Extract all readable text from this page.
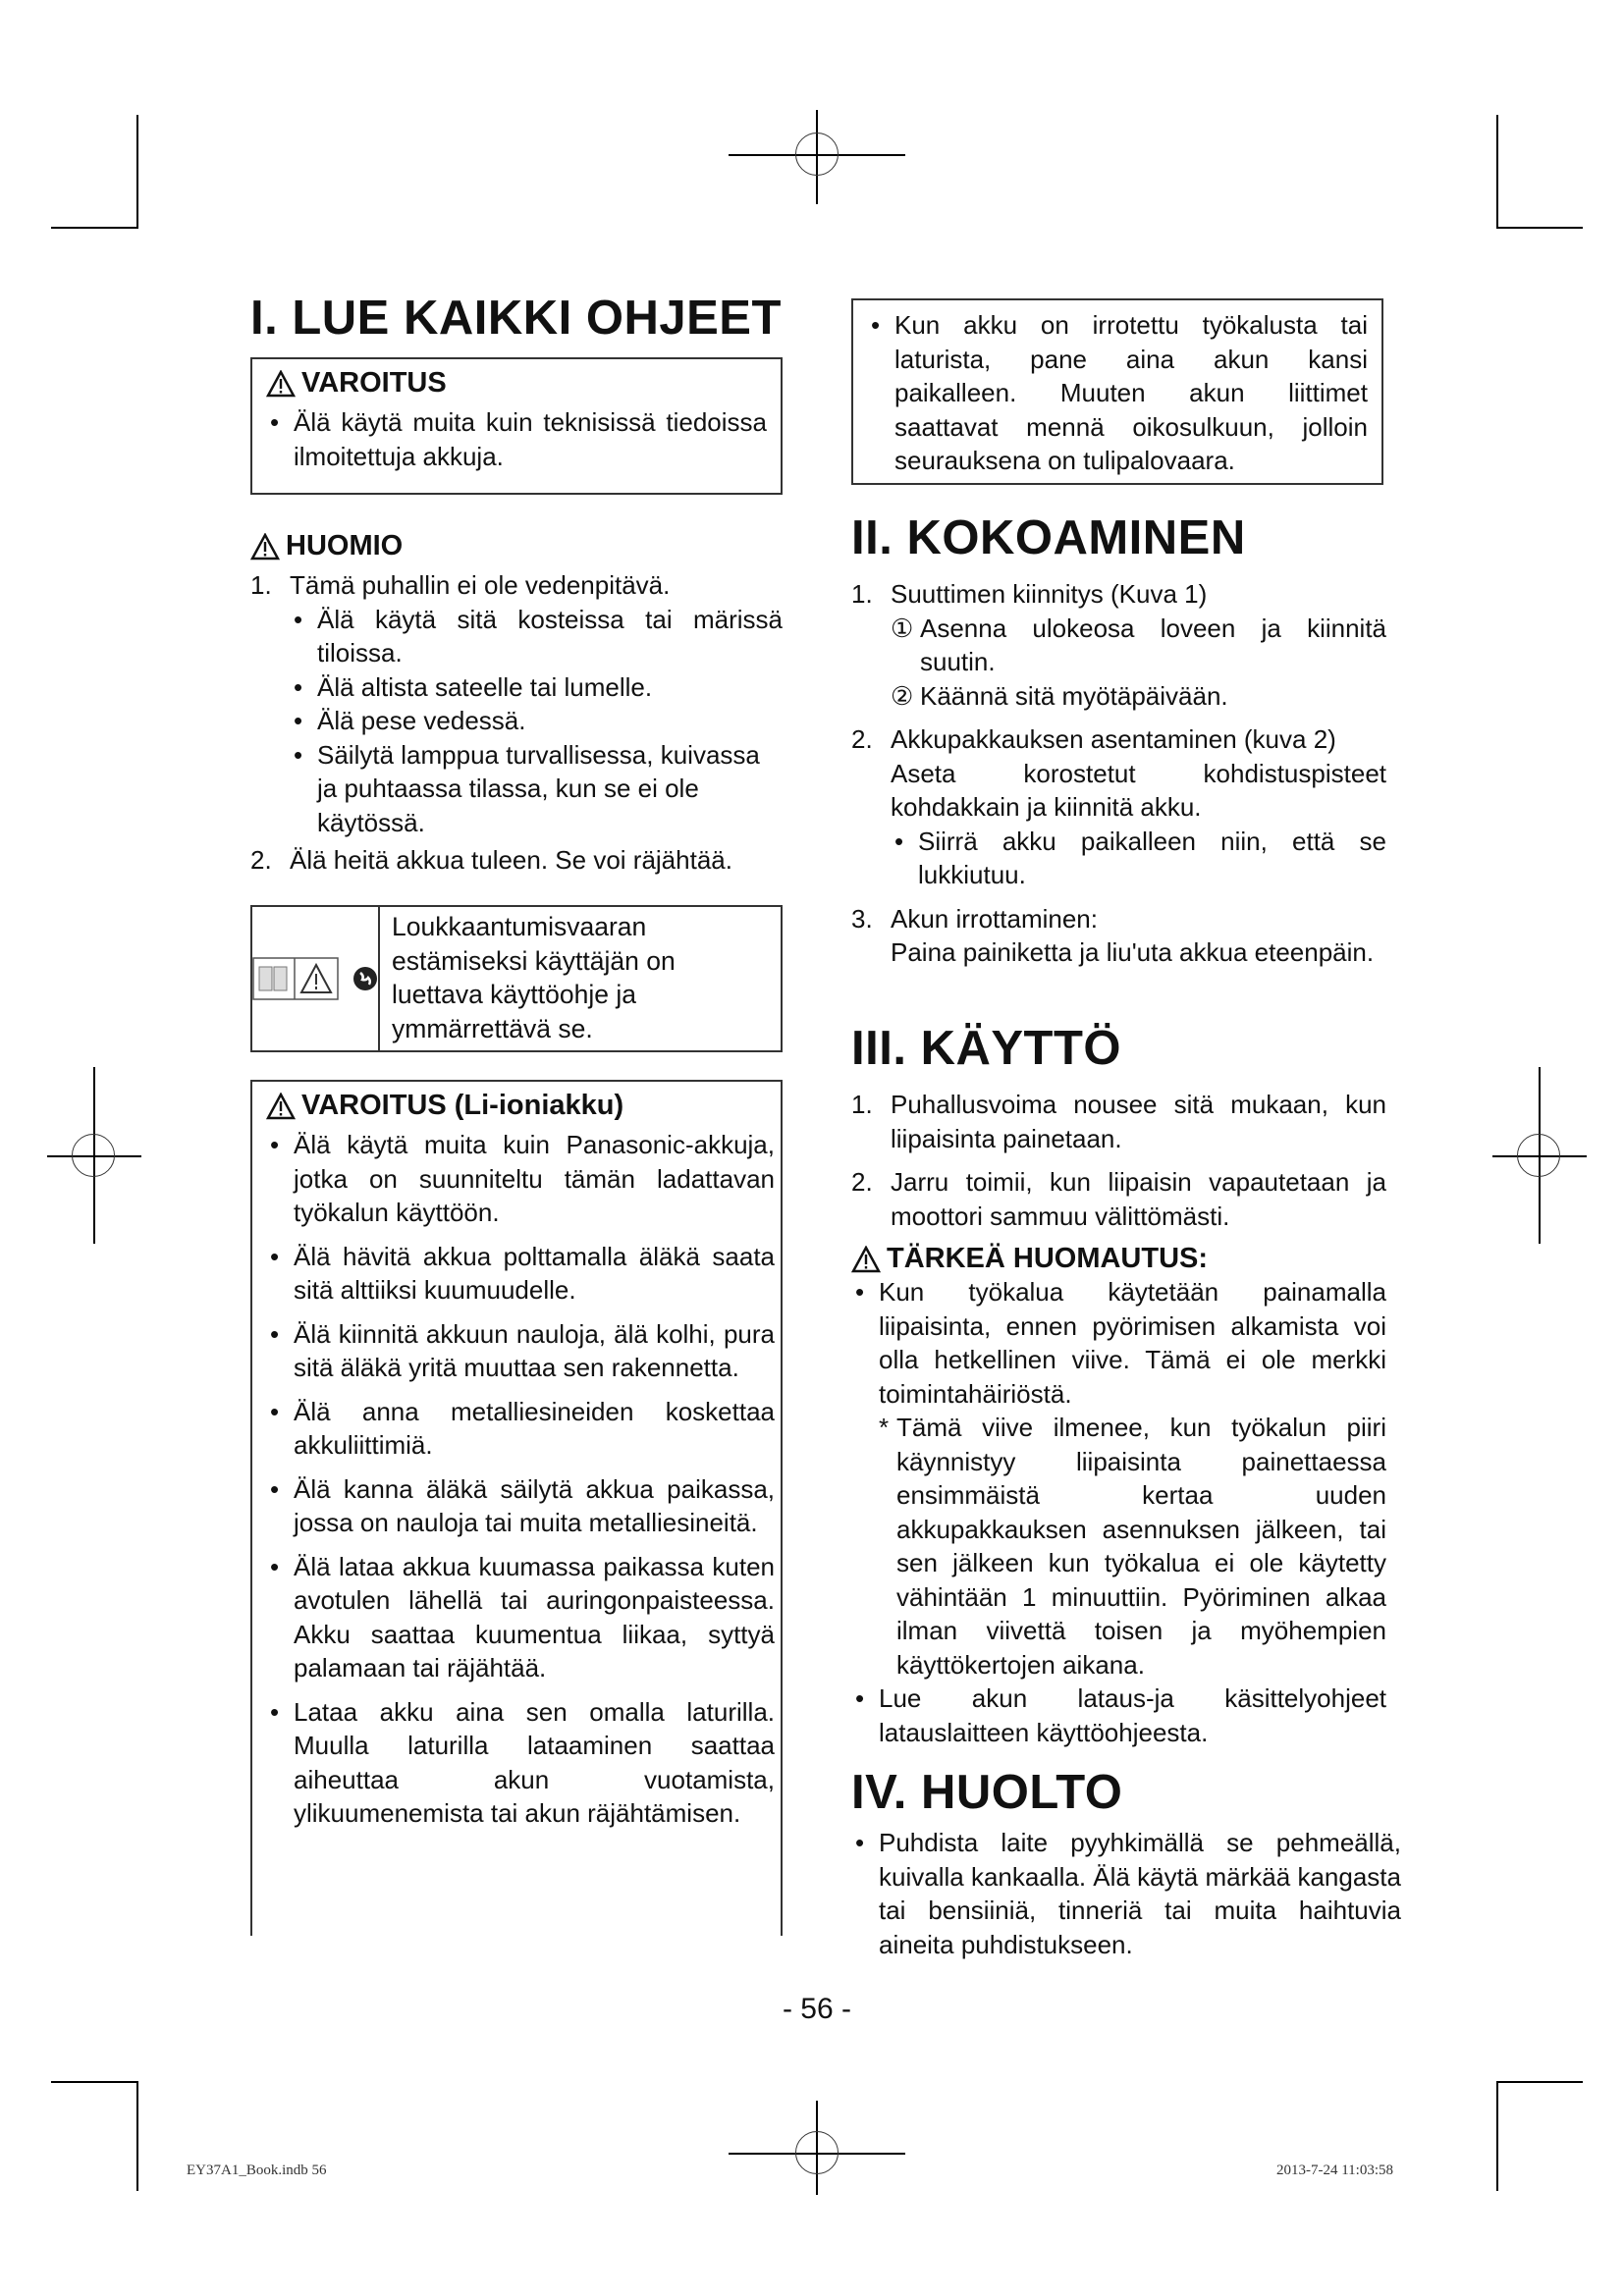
I. LUE KAIKKI OHJEET
VAROITUS
• Älä käytä muita kuin teknisissä tiedoissa ilmoitettuja akkuja.
HUOMIO
1. Tämä puhallin ei ole vedenpitävä.
• Älä käytä sitä kosteissa tai märissä tiloissa.
• Älä altista sateelle tai lumelle.
• Älä pese vedessä.
• Säilytä lamppua turvallisessa, kuivassa ja puhtaassa tilassa, kun se ei ole käytössä.
2. Älä heitä akkua tuleen. Se voi räjähtää.
Loukkaantumisvaaran estämiseksi käyttäjän on luettava käyttöohje ja ymmärrettävä se.
VAROITUS (Li-ioniakku)
• Älä käytä muita kuin Panasonic-akkuja, jotka on suunniteltu tämän ladattavan työkalun käyttöön.
• Älä hävitä akkua polttamalla äläkä saata sitä alttiiksi kuumuudelle.
• Älä kiinnitä akkuun nauloja, älä kolhi, pura sitä äläkä yritä muuttaa sen rakennetta.
• Älä anna metalliesineiden koskettaa akkuliittimiä.
• Älä kanna äläkä säilytä akkua paikassa, jossa on nauloja tai muita metalliesineitä.
• Älä lataa akkua kuumassa paikassa kuten avotulen lähellä tai auringonpaisteessa. Akku saattaa kuumentua liikaa, syttyä palamaan tai räjähtää.
• Lataa akku aina sen omalla laturilla. Muulla laturilla lataaminen saattaa aiheuttaa akun vuotamista, ylikuumenemista tai akun räjähtämisen.
• Kun akku on irrotettu työkalusta tai laturista, pane aina akun kansi paikalleen. Muuten akun liittimet saattavat mennä oikosulkuun, jolloin seurauksena on tulipalovaara.
II. KOKOAMINEN
1. Suuttimen kiinnitys (Kuva 1)
① Asenna ulokeosa loveen ja kiinnitä suutin.
② Käännä sitä myötäpäivään.
2. Akkupakkauksen asentaminen (kuva 2)
Aseta korostetut kohdistuspisteet kohdakkain ja kiinnitä akku.
• Siirrä akku paikalleen niin, että se lukkiutuu.
3. Akun irrottaminen:
Paina painiketta ja liu'uta akkua eteenpäin.
III. KÄYTTÖ
1. Puhallusvoima nousee sitä mukaan, kun liipaisinta painetaan.
2. Jarru toimii, kun liipaisin vapautetaan ja moottori sammuu välittömästi.
TÄRKEÄ HUOMAUTUS:
• Kun työkalua käytetään painamalla liipaisinta, ennen pyörimisen alkamista voi olla hetkellinen viive. Tämä ei ole merkki toimintahäiriöstä.
* Tämä viive ilmenee, kun työkalun piiri käynnistyy liipaisinta painettaessa ensimmäistä kertaa uuden akkupakkauksen asennuksen jälkeen, tai sen jälkeen kun työkalua ei ole käytetty vähintään 1 minuuttiin. Pyöriminen alkaa ilman viivettä toisen ja myöhempien käyttökertojen aikana.
• Lue akun lataus-ja käsittelyohjeet latauslaitteen käyttöohjeesta.
IV. HUOLTO
• Puhdista laite pyyhkimällä se pehmeällä, kuivalla kankaalla. Älä käytä märkää kangasta tai bensiiniä, tinneriä tai muita haihtuvia aineita puhdistukseen.
- 56 -
EY37A1_Book.indb 56	2013-7-24 11:03:58
